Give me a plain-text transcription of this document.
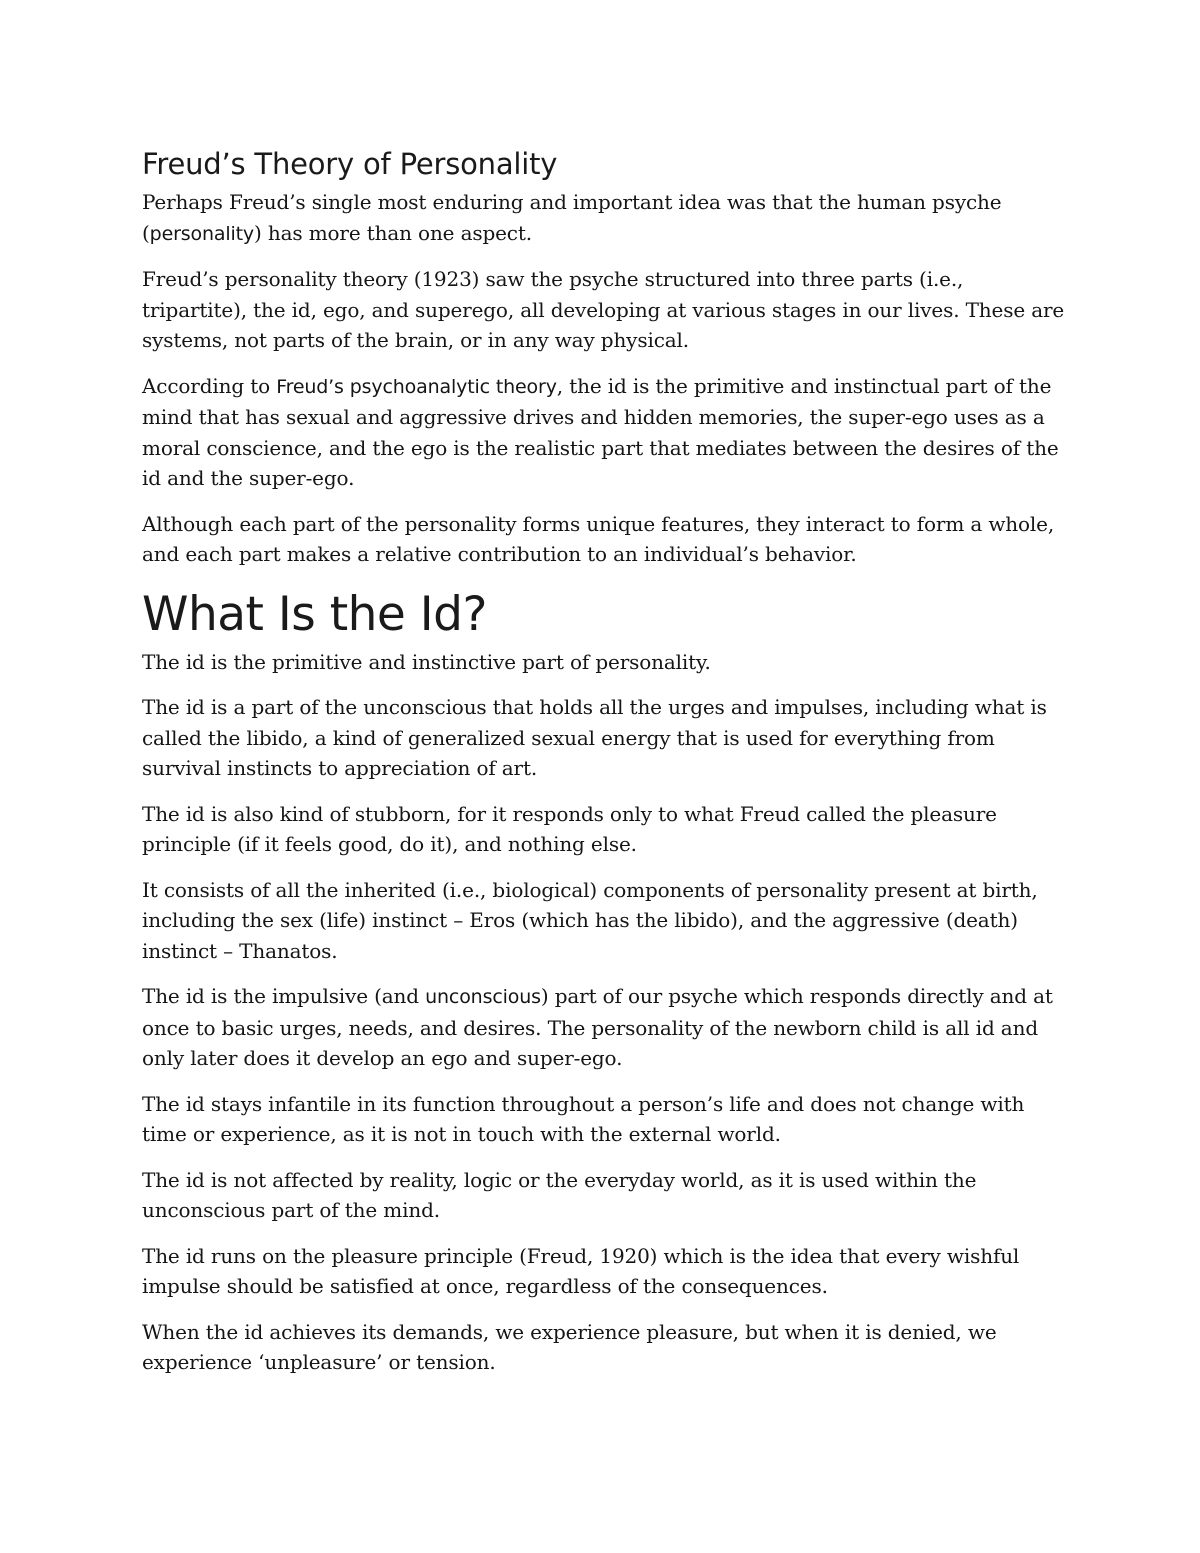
Freud’s Theory of Personality

Perhaps Freud’s single most enduring and important idea was that the human psyche (personality) has more than one aspect.

Freud’s personality theory (1923) saw the psyche structured into three parts (i.e., tripartite), the id, ego, and superego, all developing at various stages in our lives. These are systems, not parts of the brain, or in any way physical.

According to Freud’s psychoanalytic theory, the id is the primitive and instinctual part of the mind that has sexual and aggressive drives and hidden memories, the super-ego uses as a moral conscience, and the ego is the realistic part that mediates between the desires of the id and the super-ego.

Although each part of the personality forms unique features, they interact to form a whole, and each part makes a relative contribution to an individual’s behavior.

What Is the Id?

The id is the primitive and instinctive part of personality.

The id is a part of the unconscious that holds all the urges and impulses, including what is called the libido, a kind of generalized sexual energy that is used for everything from survival instincts to appreciation of art.

The id is also kind of stubborn, for it responds only to what Freud called the pleasure principle (if it feels good, do it), and nothing else.

It consists of all the inherited (i.e., biological) components of personality present at birth, including the sex (life) instinct – Eros (which has the libido), and the aggressive (death) instinct – Thanatos.

The id is the impulsive (and unconscious) part of our psyche which responds directly and at once to basic urges, needs, and desires. The personality of the newborn child is all id and only later does it develop an ego and super-ego.

The id stays infantile in its function throughout a person’s life and does not change with time or experience, as it is not in touch with the external world.

The id is not affected by reality, logic or the everyday world, as it is used within the unconscious part of the mind.

The id runs on the pleasure principle (Freud, 1920) which is the idea that every wishful impulse should be satisfied at once, regardless of the consequences.

When the id achieves its demands, we experience pleasure, but when it is denied, we experience ‘unpleasure’ or tension.
